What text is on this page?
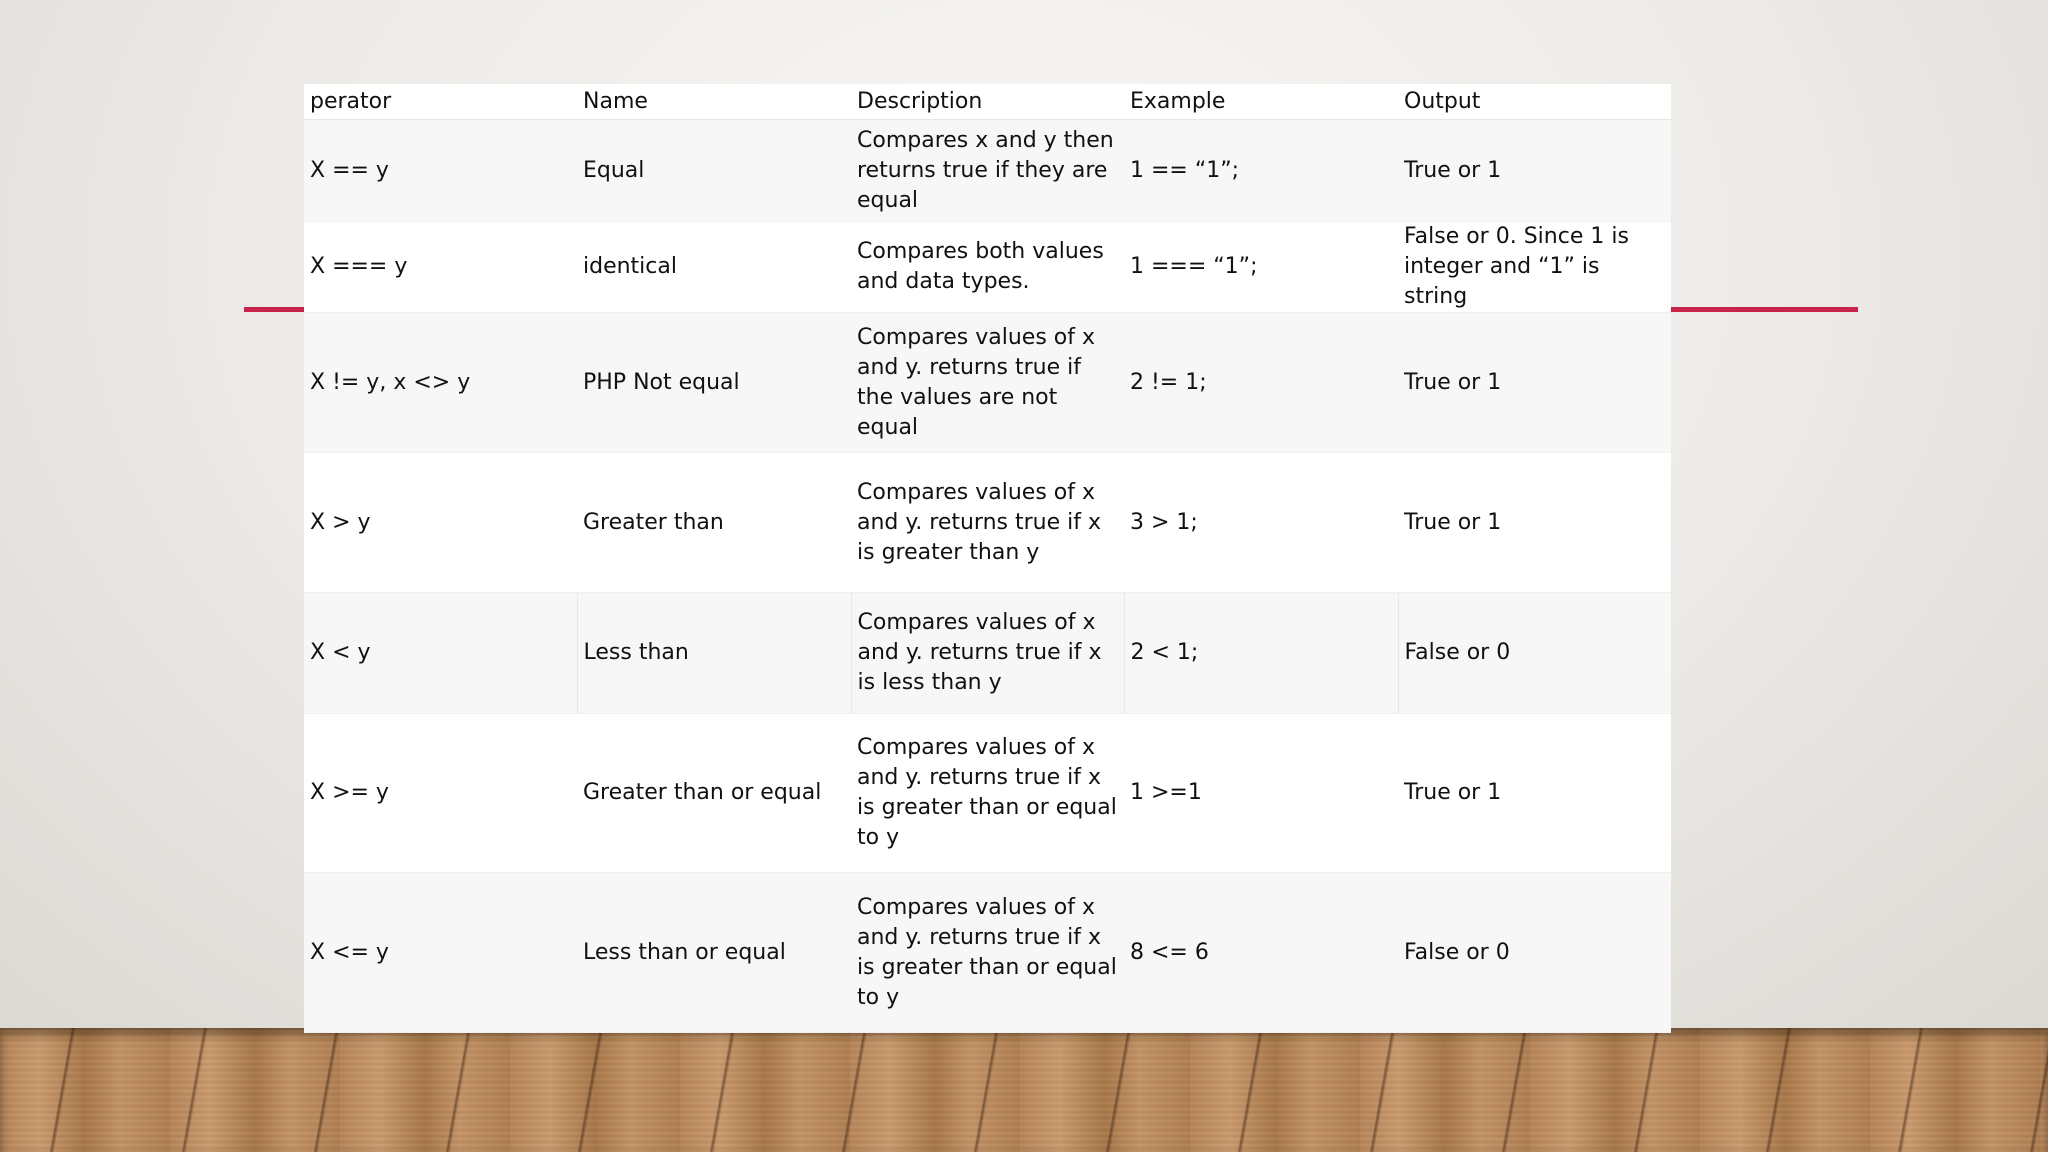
perator	Name	Description	Example	Output
X == y	Equal	Compares x and y then returns true if they are equal	1 == “1”;	True or 1
X === y	identical	Compares both values and data types.	1 === “1”;	False or 0. Since 1 is integer and “1” is string
X != y, x <> y	PHP Not equal	Compares values of x and y. returns true if the values are not equal	2 != 1;	True or 1
X > y	Greater than	Compares values of x and y. returns true if x is greater than y	3 > 1;	True or 1
X < y	Less than	Compares values of x and y. returns true if x is less than y	2 < 1;	False or 0
X >= y	Greater than or equal	Compares values of x and y. returns true if x is greater than or equal to y	1 >=1	True or 1
X <= y	Less than or equal	Compares values of x and y. returns true if x is greater than or equal to y	8 <= 6	False or 0
